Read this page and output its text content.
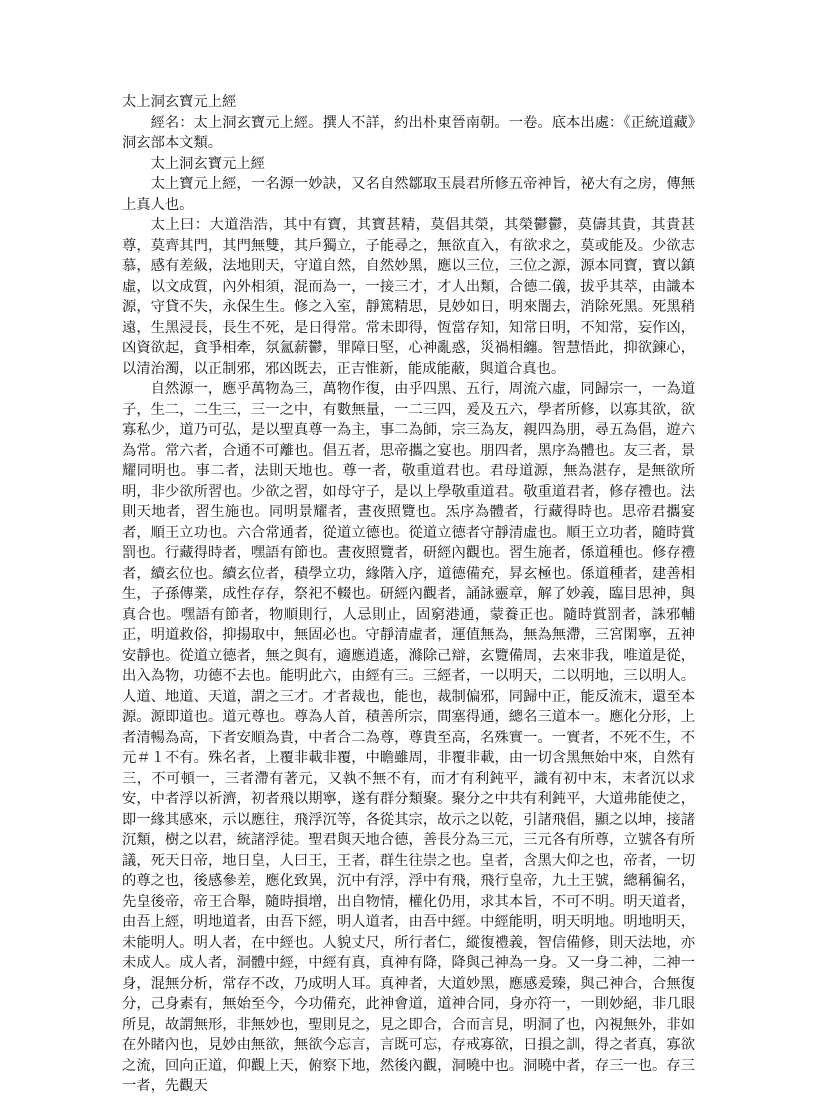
太上洞玄寶元上經

經名：太上洞玄寶元上經。撰人不詳，約出朴東晉南朝。一卷。底本出處：《正統道藏》洞玄部本文類。

太上洞玄寶元上經

太上寶元上經，一名源一妙訣，又名自然鄒取玉晨君所修五帝神旨，祕大有之房，傳無上真人也。

太上曰：大道浩浩，其中有寶，其寶甚精，莫倡其榮，其榮鬱鬱，莫儔其貴，其貴甚尊，莫齊其門，其門無雙，其戶獨立，子能尋之，無欲直入，有欲求之，莫或能及。少欲志慕，感有差級，法地則天，守道自然，自然妙黑，應以三位，三位之源，源本同寶，寶以鎮虛，以文成質，內外相須，混而為一，一接三才，才人出類，合德二儀，拔乎其萃，由識本源，守貸不失，永保生生。修之入室，靜篤精思，見妙如日，明來闇去，消除死黑。死黑稍遠，生黑浸長，長生不死，是日得常。常未即得，恆當存知，知常日明，不知常，妄作凶，凶資欲起，貪爭相牽，氛氳薪鬱，罪障日堅，心神亂惑，災禍相纏。智慧悟此，抑欲鍊心，以清治濁，以正制邪，邪凶既去，正吉惟新，能成能蔽，與道合真也。

自然源一，應乎萬物為三，萬物作復，由乎四黑、五行，周流六虛，同歸宗一，一為道子，生二，二生三，三一之中，有數無量，一二三四，爰及五六，學者所修，以寡其欲，欲寡私少，道乃可弘，是以聖真尊一為主，事二為師，宗三為友，親四為朋，尋五為倡，遊六為常。常六者，合通不可離也。倡五者，思帝攜之宴也。朋四者，黑序為體也。友三者，景耀同明也。事二者，法則天地也。尊一者，敬重道君也。君母道源，無為湛存，是無欲所明，非少欲所習也。少欲之習，如母守子，是以上學敬重道君。敬重道君者，修存禮也。法則天地者，習生施也。同明景耀者，晝夜照覽也。炁序為體者，行藏得時也。思帝君攜宴者，順王立功也。六合常通者，從道立德也。從道立德者守靜清虛也。順王立功者，隨時賞罰也。行藏得時者，嘿語有節也。晝夜照覽者，研經內觀也。習生施者，係道種也。修存禮者，續玄位也。續玄位者，積學立功，緣階入序，道德備充，昇玄極也。係道種者，建善相生，子孫傳業，成性存存，祭祀不輟也。研經內觀者，誦詠靈章，解了妙義，臨目思神，與真合也。嘿語有節者，物順則行，人忌則止，固窮港通，蒙養正也。隨時賞罰者，誅邪輔正，明道救俗，抑揚取中，無固必也。守靜清虛者，運值無為，無為無滯，三宮閑寧，五神安靜也。從道立德者，無之與有，適應逍遙，滌除己辯，玄覽備周，去來非我，唯道是從，出入為物，功德不去也。能明此六，由經有三。三經者，一以明天，二以明地，三以明人。人道、地道、天道，謂之三才。才者裁也，能也，裁制偏邪，同歸中正，能反流末，還至本源。源即道也。道元尊也。尊為人首，積善所宗，間塞得通，總名三道本一。應化分形，上者清暢為高，下者安順為貴，中者合二為尊，尊貴至高，名殊實一。一實者，不死不生，不元＃１不有。殊名者，上覆非載非覆，中瞻雖周，非覆非載，由一切含黑無始中來，自然有三，不可頓一，三者滯有著元，又執不無不有，而才有利鈍平，識有初中末，末者沉以求安，中者浮以祈濟，初者飛以期寧，遂有群分類聚。聚分之中共有利鈍平，大道弗能使之，即一緣其感來，示以應往，飛浮沉等，各從其宗，故示之以乾，引諸飛倡，顯之以坤，接諸沉類，樹之以君，統諸浮徒。聖君與天地合德，善長分為三元，三元各有所尊，立號各有所議，死天日帝，地日皇，人曰王，王者，群生往崇之也。皇者，含黑大仰之也，帝者，一切的尊之也，後感參差，應化致異，沉中有浮，浮中有飛，飛行皇帝，九土王號，總稱徧名，先皇後帝，帝王合舉，隨時損增，出自物情，權化仍用，求其本旨，不可不明。明天道者，由吾上經，明地道者，由吾下經，明人道者，由吾中經。中經能明，明天明地。明地明天，未能明人。明人者，在中經也。人貌丈尺，所行者仁，縱復禮義，智信備修，則天法地，亦未成人。成人者，洞體中經，中經有真，真神有降，降與己神為一身。又一身二神，二神一身，混無分析，常存不改，乃成明人耳。真神者，大道妙黑，應感爰臻，與己神合，合無復分，己身素有，無始至今，今功備充，此神會道，道神合同，身亦符一，一則妙絕，非几眼所見，故謂無形，非無妙也，聖則見之，見之即合，合而言見，明洞了也，內視無外，非如在外睹內也，見妙由無欲，無欲今忘言，言既可忘，存戒寡欲，日損之訓，得之者真，寡欲之流，回向正道，仰觀上天，俯察下地，然後內觀，洞曉中也。洞曉中者，存三一也。存三一者，先觀天
